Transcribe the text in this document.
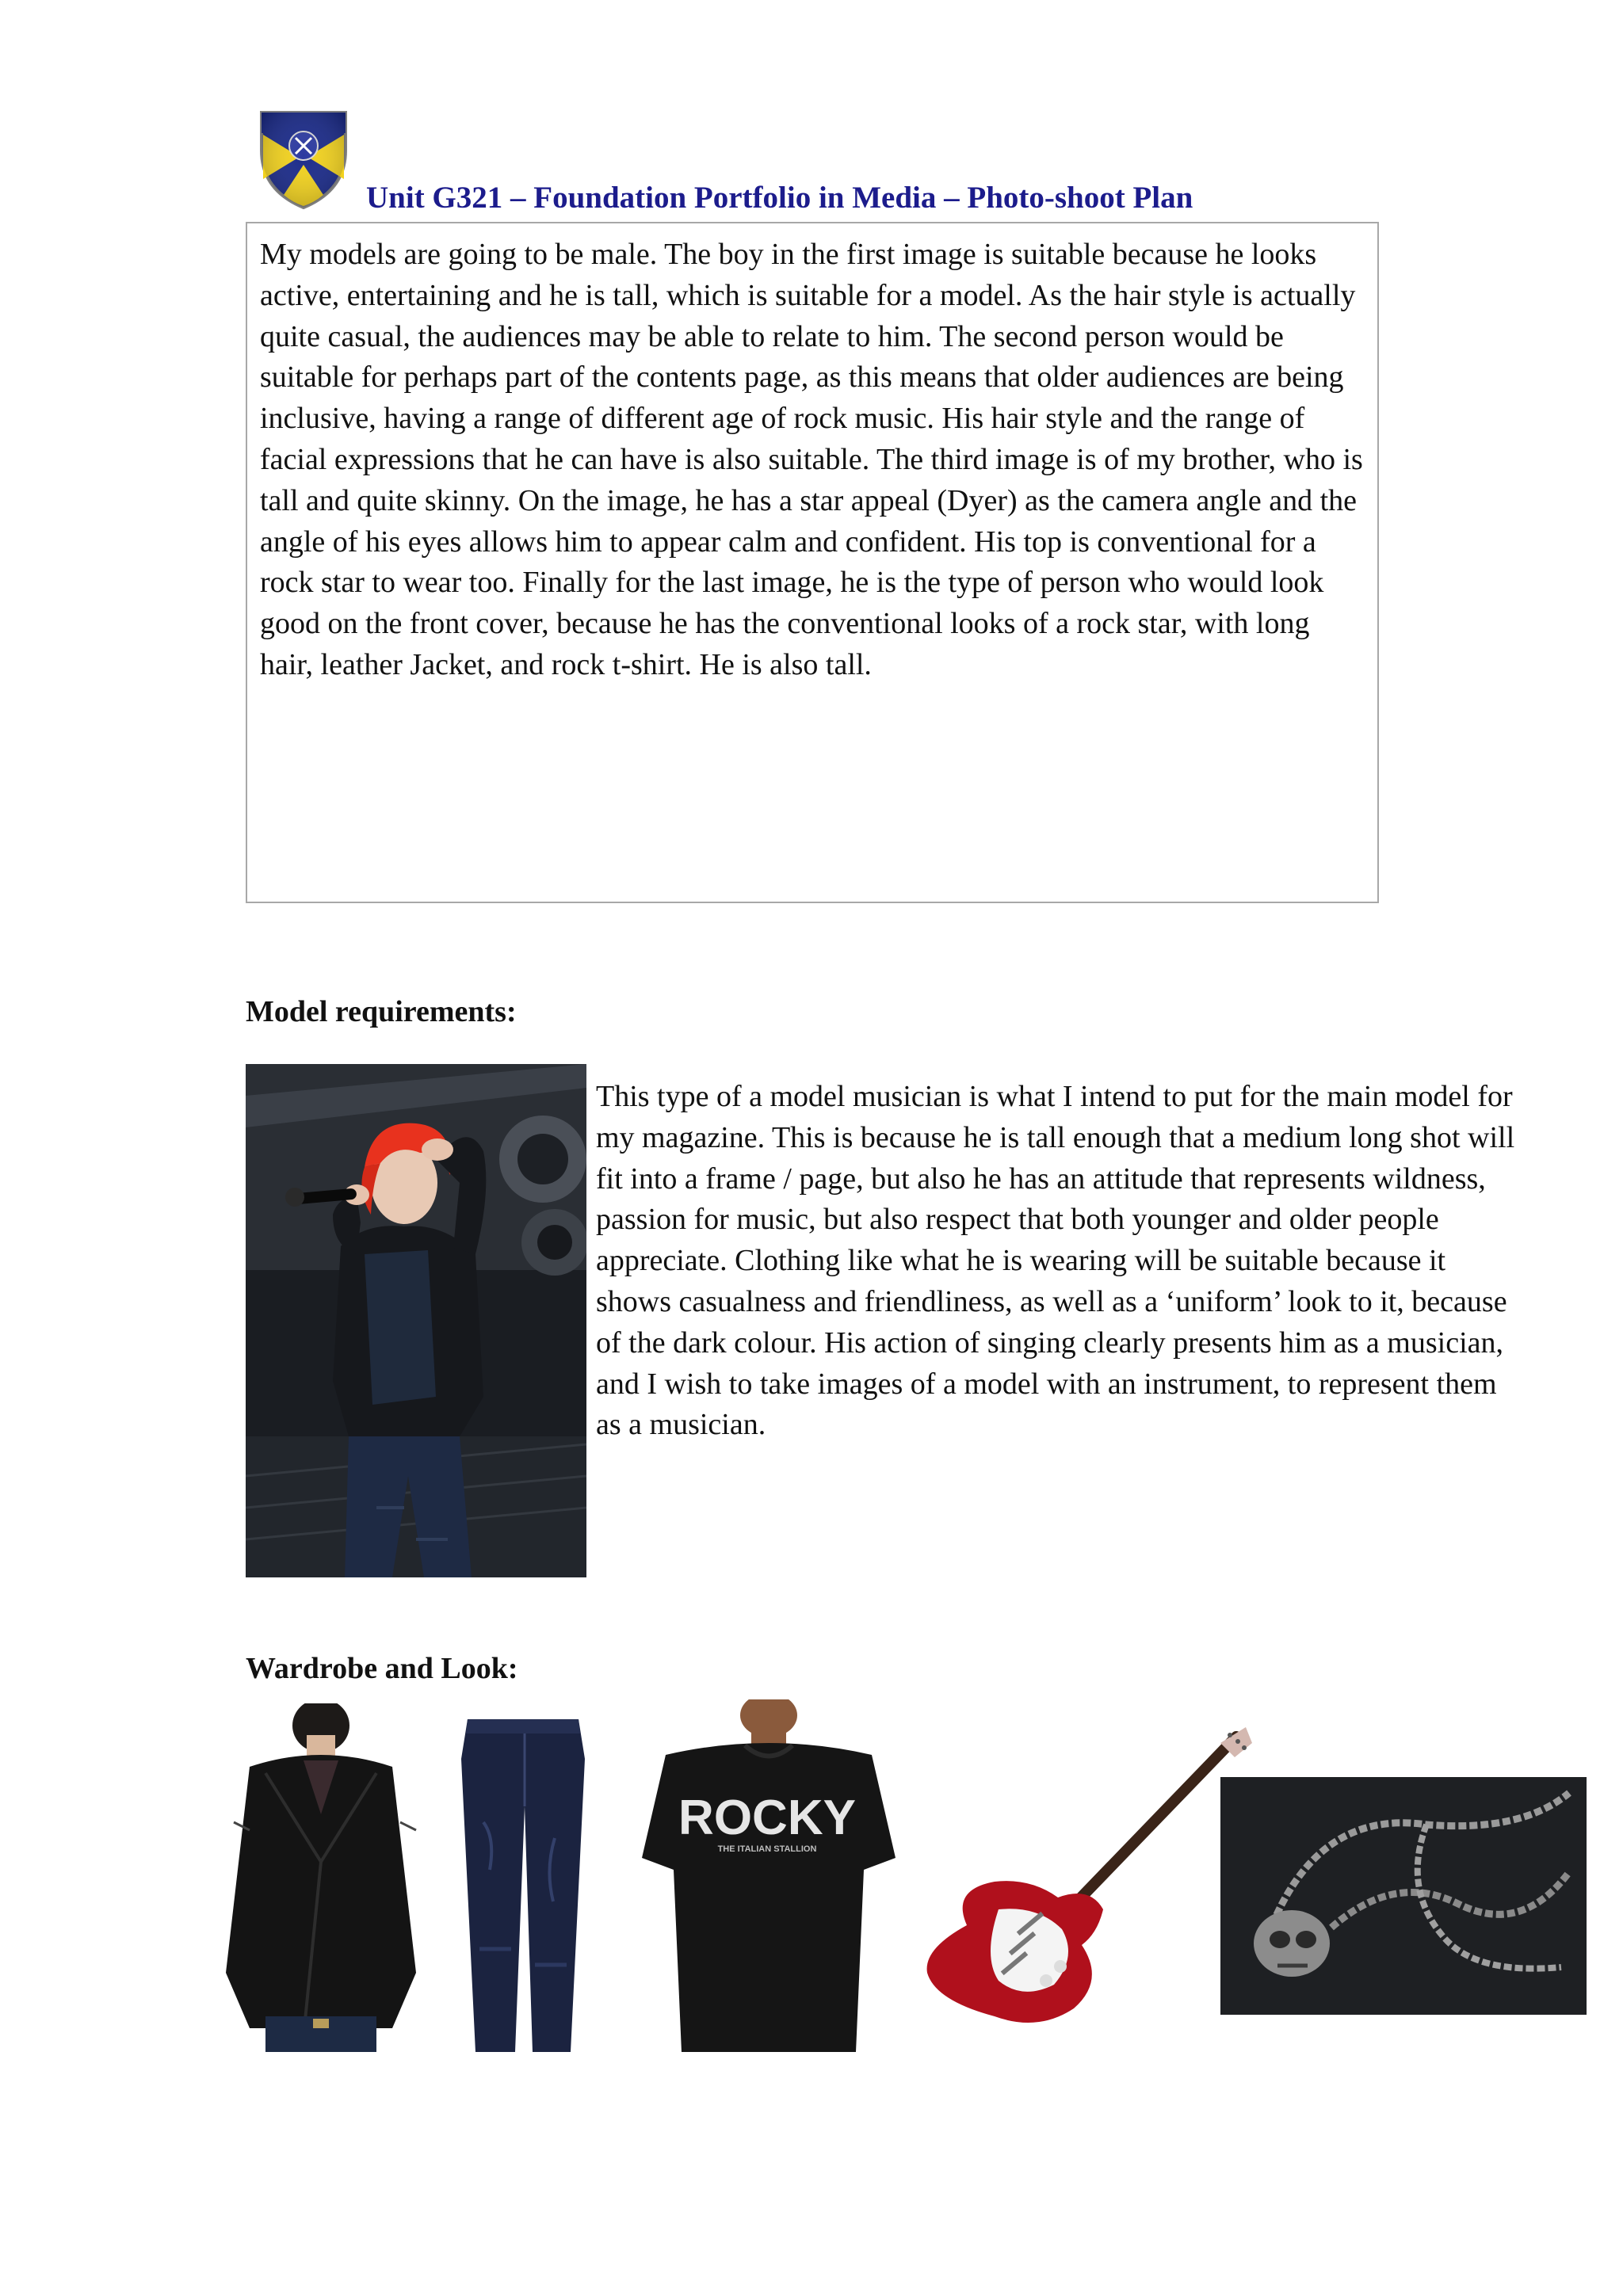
Unit G321 – Foundation Portfolio in Media – Photo-shoot Plan

My models are going to be male. The boy in the first image is suitable because he looks active, entertaining and he is tall, which is suitable for a model. As the hair style is actually quite casual, the audiences may be able to relate to him. The second person would be suitable for perhaps part of the contents page, as this means that older audiences are being inclusive, having a range of different age of rock music. His hair style and the range of facial expressions that he can have is also suitable. The third image is of my brother, who is tall and quite skinny. On the image, he has a star appeal (Dyer) as the camera angle and the angle of his eyes allows him to appear calm and confident. His top is conventional for a rock star to wear too. Finally for the last image, he is the type of person who would look good on the front cover, because he has the conventional looks of a rock star, with long hair, leather Jacket, and rock t-shirt. He is also tall.

Model requirements:

This type of a model musician is what I intend to put for the main model for my magazine. This is because he is tall enough that a medium long shot will fit into a frame / page, but also he has an attitude that represents wildness, passion for music, but also respect that both younger and older people appreciate. Clothing like what he is wearing will be suitable because it shows casualness and friendliness, as well as a ‘uniform’ look to it, because of the dark colour. His action of singing clearly presents him as a musician, and I wish to take images of a model with an instrument, to represent them as a musician.

Wardrobe and Look:
ROCKY
THE ITALIAN STALLION
